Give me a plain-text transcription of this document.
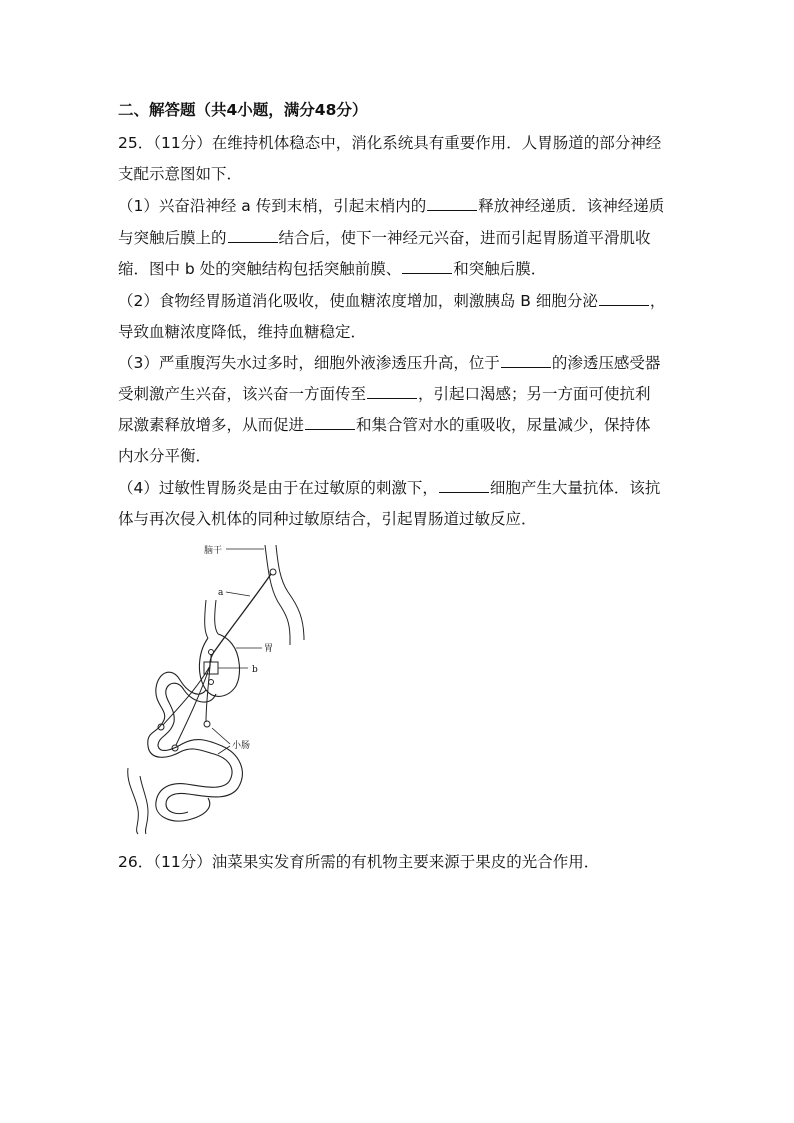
二、解答题（共4小题，满分48分）
25．（11分）在维持机体稳态中，消化系统具有重要作用．人胃肠道的部分神经
支配示意图如下．
（1）兴奋沿神经 a 传到末梢，引起末梢内的	释放神经递质．该神经递质
与突触后膜上的	结合后，使下一神经元兴奋，进而引起胃肠道平滑肌收
缩．图中 b 处的突触结构包括突触前膜、	和突触后膜．
（2）食物经胃肠道消化吸收，使血糖浓度增加，刺激胰岛 B 细胞分泌	，
导致血糖浓度降低，维持血糖稳定．
（3）严重腹泻失水过多时，细胞外液渗透压升高，位于	的渗透压感受器
受刺激产生兴奋，该兴奋一方面传至	，引起口渴感；另一方面可使抗利
尿激素释放增多，从而促进	和集合管对水的重吸收，尿量减少，保持体
内水分平衡．
（4）过敏性胃肠炎是由于在过敏原的刺激下，	细胞产生大量抗体．该抗
体与再次侵入机体的同种过敏原结合，引起胃肠道过敏反应．
脑干
a
胃
b
小肠
26．（11分）油菜果实发育所需的有机物主要来源于果皮的光合作用．
